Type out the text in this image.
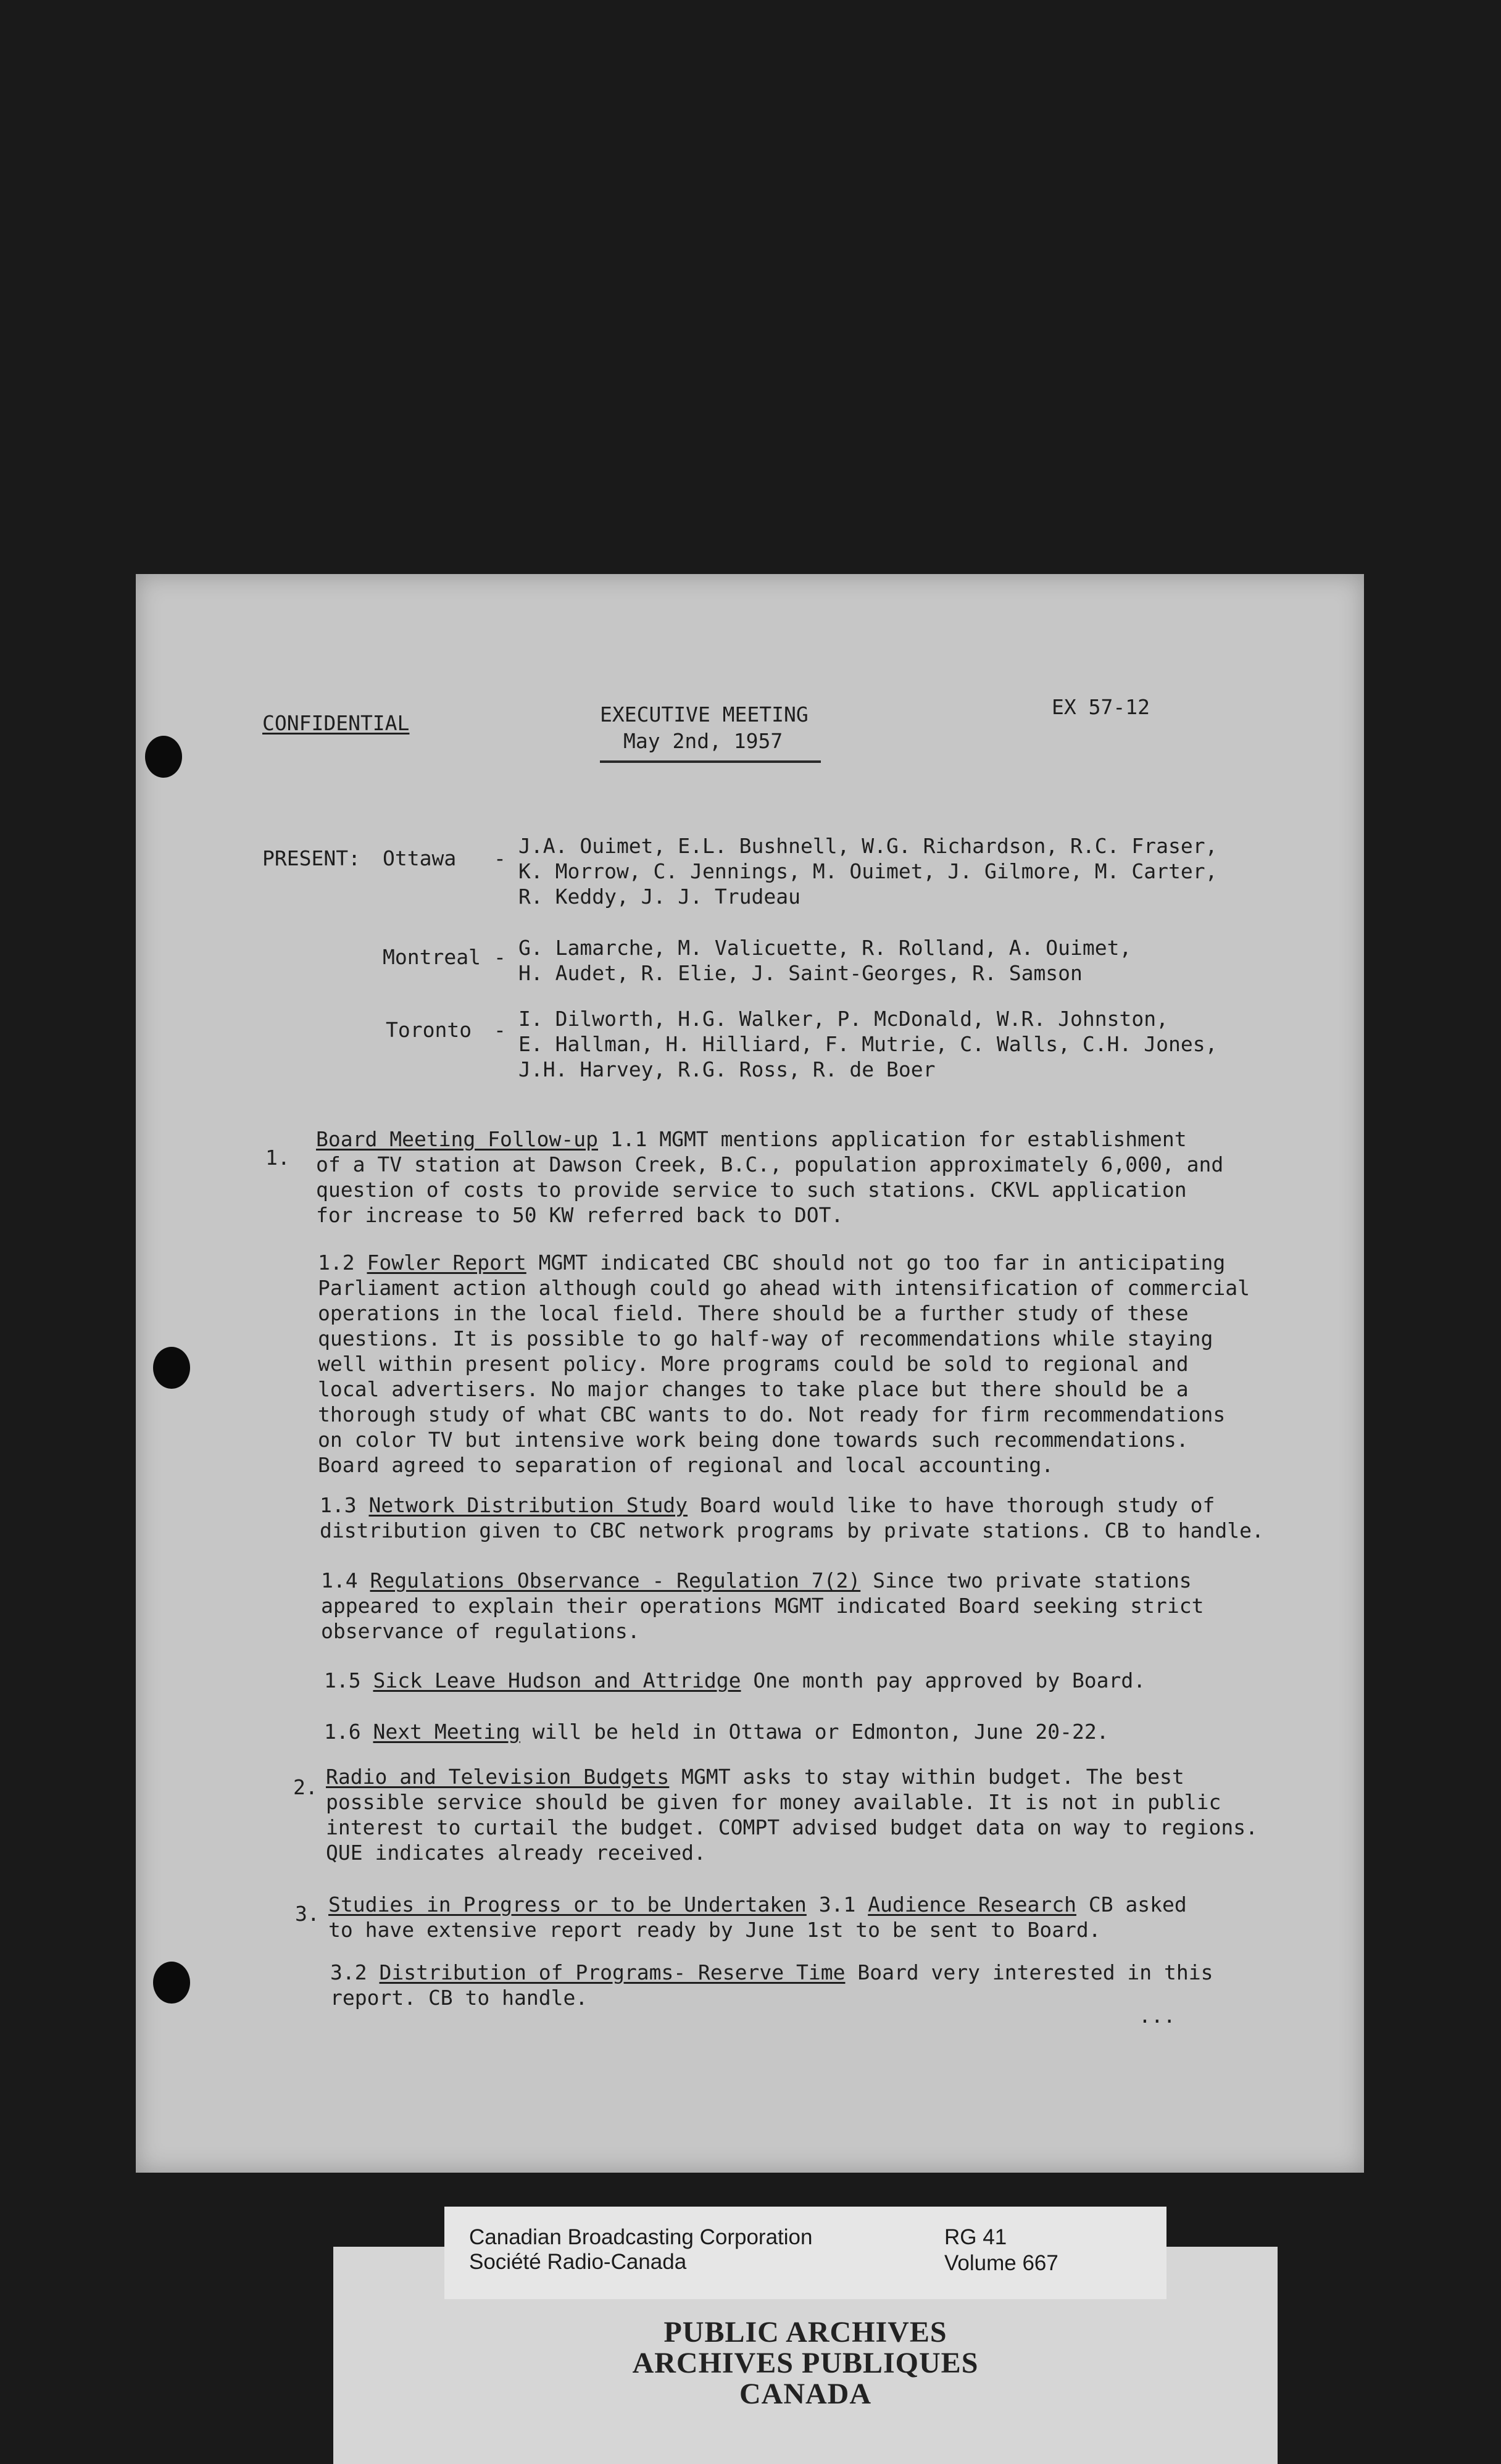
CONFIDENTIAL	EXECUTIVE MEETING
May 2nd, 1957
EX 57-12
PRESENT: Ottawa -
J.A. Ouimet, E.L. Bushnell, W.G. Richardson, R.C. Fraser,
K. Morrow, C. Jennings, M. Ouimet, J. Gilmore, M. Carter,
R. Keddy, J. J. Trudeau
Montreal - G. Lamarche, M. Valicuette, R. Rolland, A. Ouimet,
H. Audet, R. Elie, J. Saint-Georges, R. Samson
Toronto - I. Dilworth, H.G. Walker, P. McDonald, W.R. Johnston,
E. Hallman, H. Hilliard, F. Mutrie, C. Walls, C.H. Jones,
J.H. Harvey, R.G. Ross, R. de Boer
1.
Board Meeting Follow-up 1.1 MGMT mentions application for establishment
of a TV station at Dawson Creek, B.C., population approximately 6,000, and
question of costs to provide service to such stations. CKVL application
for increase to 50 KW referred back to DOT.
1.2 Fowler Report MGMT indicated CBC should not go too far in anticipating
Parliament action although could go ahead with intensification of commercial
operations in the local field. There should be a further study of these
questions. It is possible to go half-way of recommendations while staying
well within present policy. More programs could be sold to regional and
local advertisers. No major changes to take place but there should be a
thorough study of what CBC wants to do. Not ready for firm recommendations
on color TV but intensive work being done towards such recommendations.
Board agreed to separation of regional and local accounting.
1.3 Network Distribution Study Board would like to have thorough study of
distribution given to CBC network programs by private stations. CB to handle.
1.4 Regulations Observance - Regulation 7(2) Since two private stations
appeared to explain their operations MGMT indicated Board seeking strict
observance of regulations.
1.5 Sick Leave Hudson and Attridge One month pay approved by Board.
1.6 Next Meeting will be held in Ottawa or Edmonton, June 20-22.
2. Radio and Television Budgets MGMT asks to stay within budget. The best
possible service should be given for money available. It is not in public
interest to curtail the budget. COMPT advised budget data on way to regions.
QUE indicates already received.
3. Studies in Progress or to be Undertaken 3.1 Audience Research CB asked
to have extensive report ready by June 1st to be sent to Board.
3.2 Distribution of Programs- Reserve Time Board very interested in this
report. CB to handle.
...
PUBLIC ARCHIVES
ARCHIVES PUBLIQUES
CANADA
Canadian Broadcasting Corporation
Société Radio-Canada
RG 41
Volume 667
